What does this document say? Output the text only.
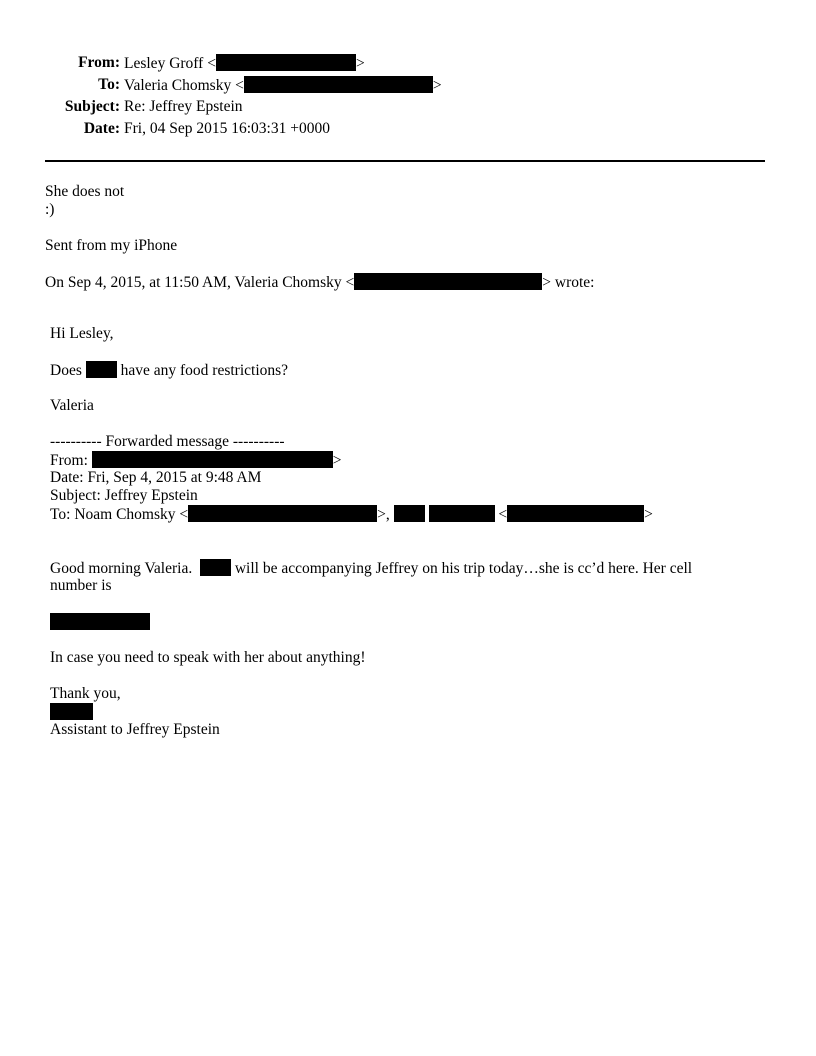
From: Lesley Groff <	>
To: Valeria Chomsky <	>
Subject: Re: Jeffrey Epstein
Date: Fri, 04 Sep 2015 16:03:31 +0000
She does not
:)
Sent from my iPhone
On Sep 4, 2015, at 11:50 AM, Valeria Chomsky <	> wrote:
Hi Lesley,
Does	have any food restrictions?
Valeria
---------- Forwarded message ----------
From:	>
Date: Fri, Sep 4, 2015 at 9:48 AM
Subject: Jeffrey Epstein
To: Noam Chomsky <	>,	<	>
Good morning Valeria.	will be accompanying Jeffrey on his trip today…she is cc’d here. Her cell
number is
In case you need to speak with her about anything!
Thank you,
Assistant to Jeffrey Epstein
